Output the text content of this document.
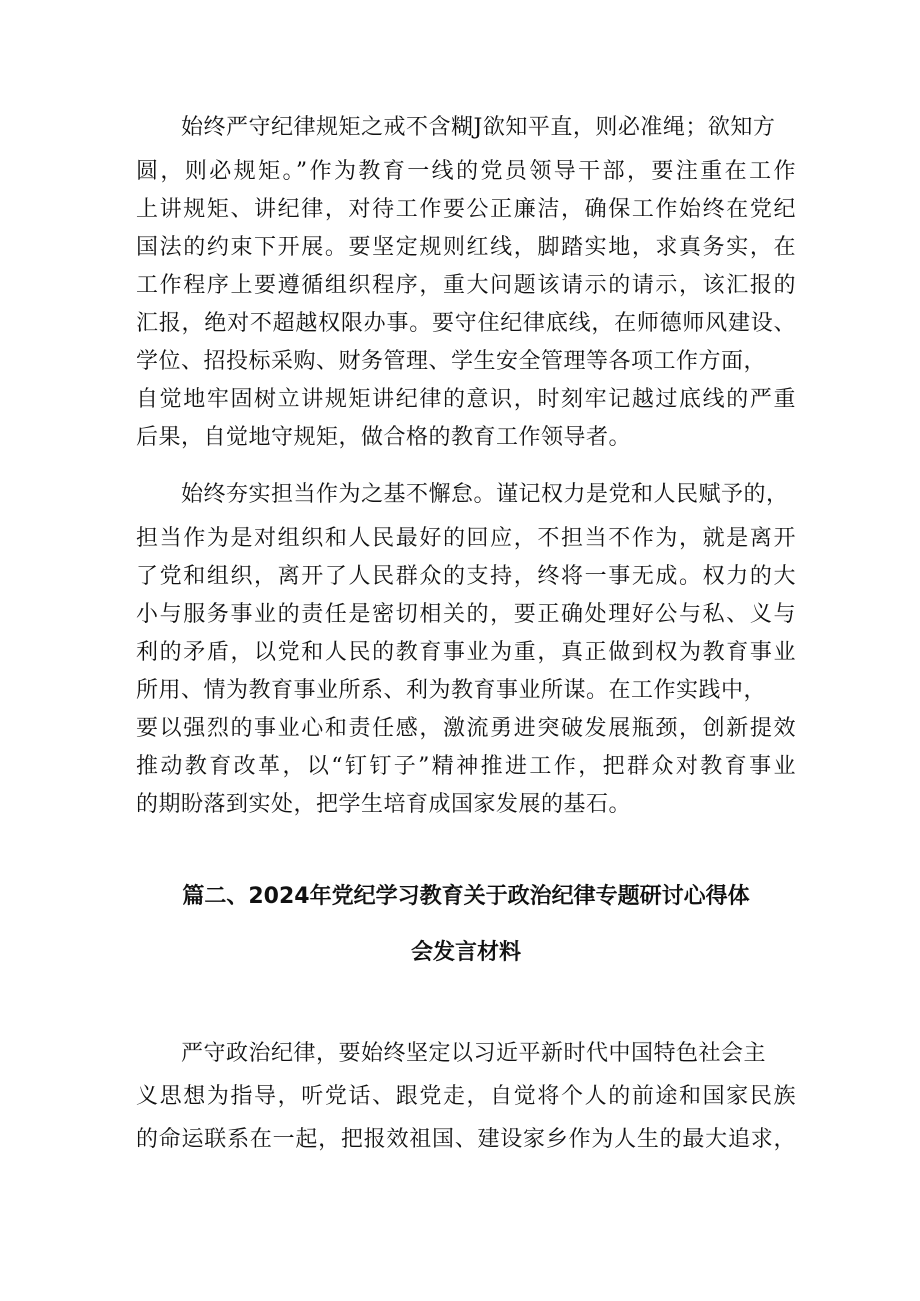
始终严守纪律规矩之戒不含糊J欲知平直，则必准绳；欲知方
圆，则必规矩。”作为教育一线的党员领导干部，要注重在工作
上讲规矩、讲纪律，对待工作要公正廉洁，确保工作始终在党纪
国法的约束下开展。要坚定规则红线，脚踏实地，求真务实，在
工作程序上要遵循组织程序，重大问题该请示的请示，该汇报的
汇报，绝对不超越权限办事。要守住纪律底线，在师德师风建设、
学位、招投标采购、财务管理、学生安全管理等各项工作方面，
自觉地牢固树立讲规矩讲纪律的意识，时刻牢记越过底线的严重
后果，自觉地守规矩，做合格的教育工作领导者。
始终夯实担当作为之基不懈怠。谨记权力是党和人民赋予的，
担当作为是对组织和人民最好的回应，不担当不作为，就是离开
了党和组织，离开了人民群众的支持，终将一事无成。权力的大
小与服务事业的责任是密切相关的，要正确处理好公与私、义与
利的矛盾，以党和人民的教育事业为重，真正做到权为教育事业
所用、情为教育事业所系、利为教育事业所谋。在工作实践中，
要以强烈的事业心和责任感，激流勇进突破发展瓶颈，创新提效
推动教育改革，以“钉钉子”精神推进工作，把群众对教育事业
的期盼落到实处，把学生培育成国家发展的基石。
篇二、2024年党纪学习教育关于政治纪律专题研讨心得体
会发言材料
严守政治纪律，要始终坚定以习近平新时代中国特色社会主
义思想为指导，听党话、跟党走，自觉将个人的前途和国家民族
的命运联系在一起，把报效祖国、建设家乡作为人生的最大追求，
